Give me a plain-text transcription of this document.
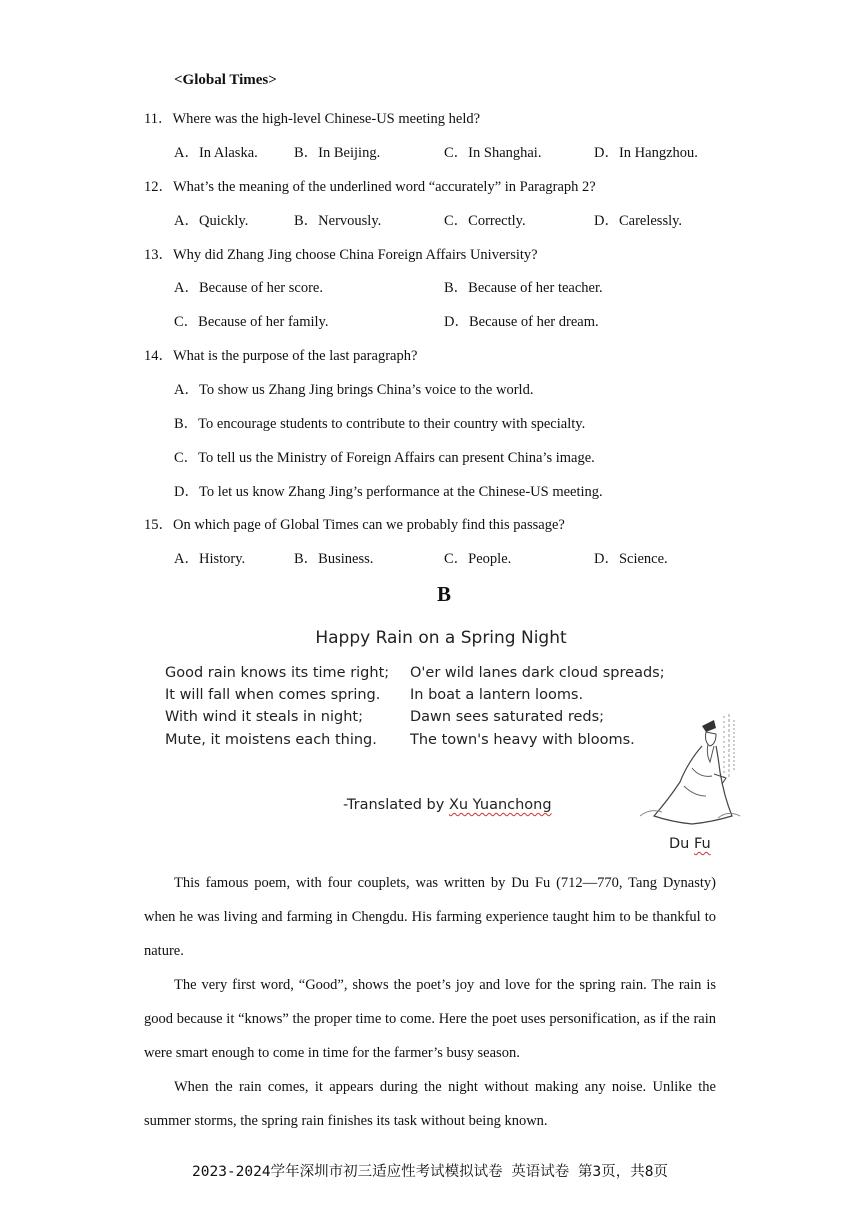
<Global Times>
11．Where was the high-level Chinese-US meeting held?
A．In Alaska. B．In Beijing.	C．In Shanghai.	D．In Hangzhou.
12．What’s the meaning of the underlined word “accurately” in Paragraph 2?
A．Quickly.	B．Nervously.	C．Correctly.	D．Carelessly.
13．Why did Zhang Jing choose China Foreign Affairs University?
A．Because of her score.	B．Because of her teacher.
C．Because of her family.	D．Because of her dream.
14．What is the purpose of the last paragraph?
A．To show us Zhang Jing brings China’s voice to the world.
B．To encourage students to contribute to their country with specialty.
C．To tell us the Ministry of Foreign Affairs can present China’s image.
D．To let us know Zhang Jing’s performance at the Chinese-US meeting.
15．On which page of Global Times can we probably find this passage?
A．History.	B．Business.	C．People.	D．Science.
B
Happy Rain on a Spring Night
Good rain knows its time right;
It will fall when comes spring.
With wind it steals in night;
Mute, it moistens each thing.
O'er wild lanes dark cloud spreads;
In boat a lantern looms.
Dawn sees saturated reds;
The town's heavy with blooms.
-Translated by Xu Yuanchong
Du Fu
This famous poem, with four couplets, was written by Du Fu (712—770, Tang Dynasty) when he was living and farming in Chengdu. His farming experience taught him to be thankful to nature.
The very first word, “Good”, shows the poet’s joy and love for the spring rain. The rain is good because it “knows” the proper time to come. Here the poet uses personification, as if the rain were smart enough to come in time for the farmer’s busy season.
When the rain comes, it appears during the night without making any noise. Unlike the summer storms, the spring rain finishes its task without being known.
2023-2024学年深圳市初三适应性考试模拟试卷 英语试卷 第3页，共8页
